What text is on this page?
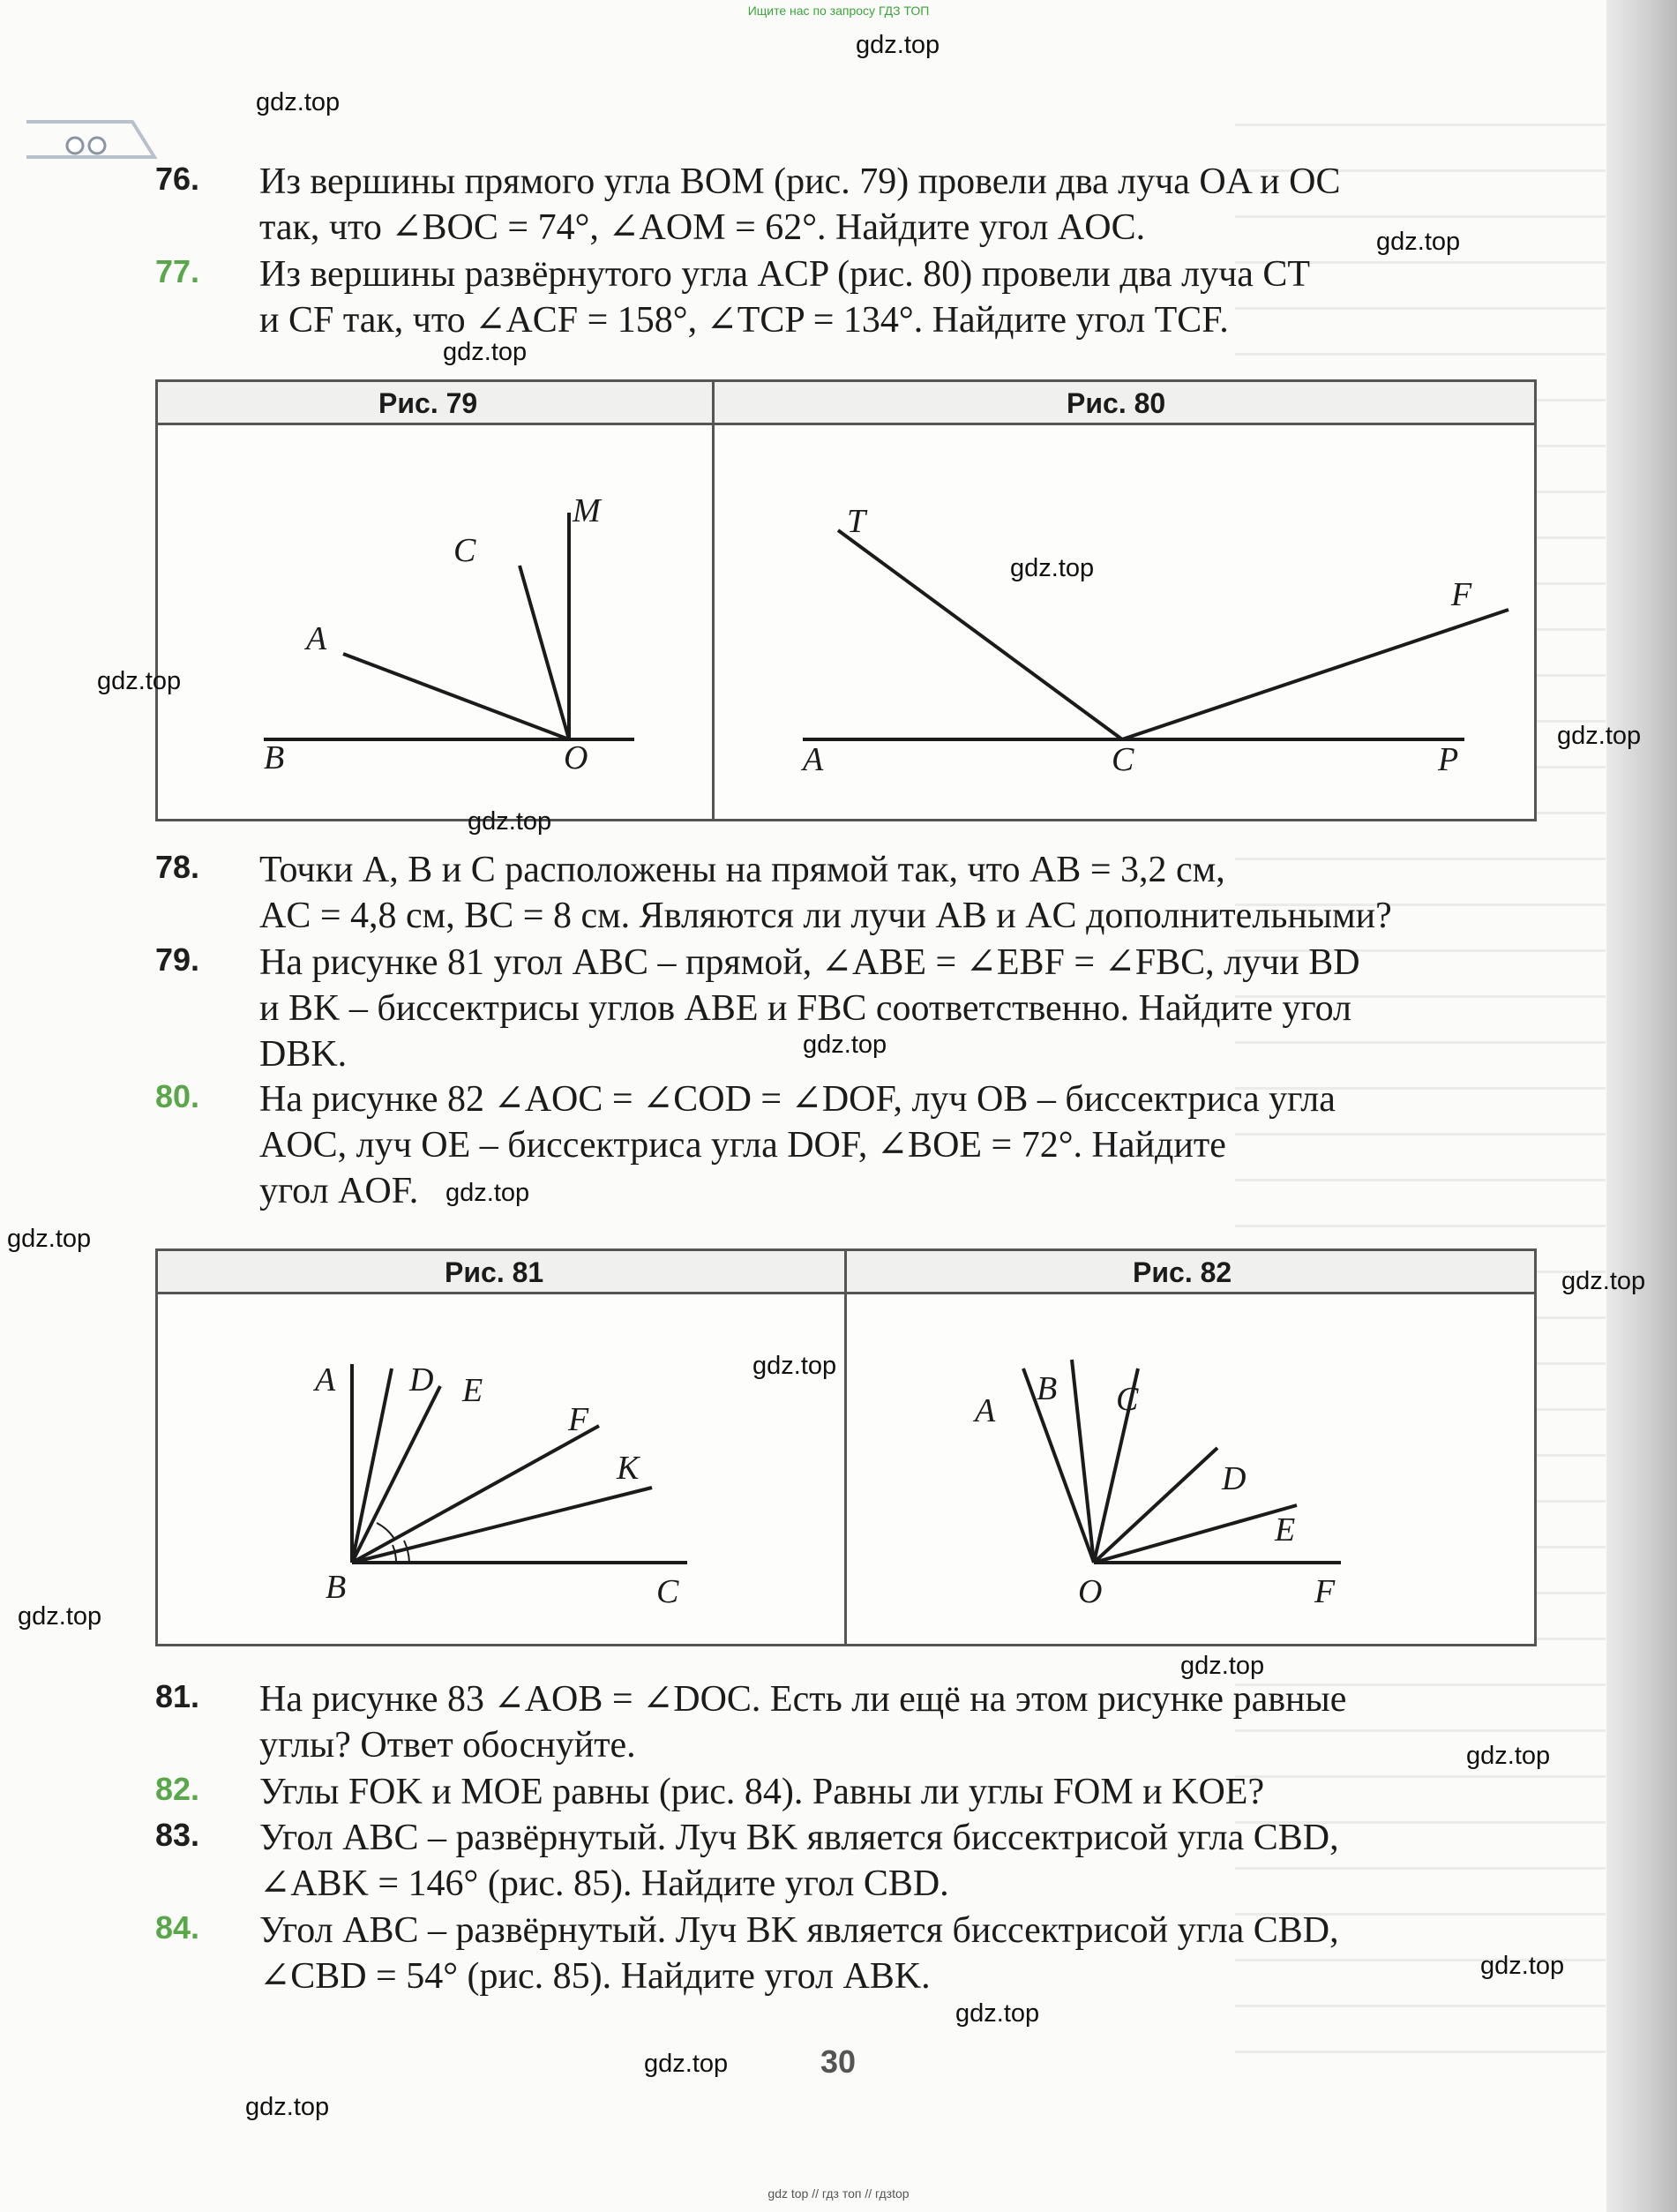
Ищите нас по запросу ГДЗ ТОП
76.	Из вершины прямого угла BOM (рис. 79) провели два луча OA и OC

так, что ∠BOC = 74°, ∠AOM = 62°. Найдите угол AOC.

77.	Из вершины развёрнутого угла ACP (рис. 80) провели два луча CT

и CF так, что ∠ACF = 158°, ∠TCP = 134°. Найдите угол TCF.

Рис. 79	Рис. 80
B	O
A
C
M	T
F
A	C	P
78.	Точки A, B и C расположены на прямой так, что AB = 3,2 см,

AC = 4,8 см, BC = 8 см. Являются ли лучи AB и AC дополнительными?

79.	На рисунке 81 угол ABC – прямой, ∠ABE = ∠EBF = ∠FBC, лучи BD

и BK – биссектрисы углов ABE и FBC соответственно. Найдите угол

DBK.

80.	На рисунке 82 ∠AOC = ∠COD = ∠DOF, луч OB – биссектриса угла

AOC, луч OE – биссектриса угла DOF, ∠BOE = 72°. Найдите

угол AOF.

Рис. 81	Рис. 82
A D E
F
K
B	C
A
B C
D
E
O	F
81.	На рисунке 83 ∠AOB = ∠DOC. Есть ли ещё на этом рисунке равные

углы? Ответ обоснуйте.

82.	Углы FOK и MOE равны (рис. 84). Равны ли углы FOM и KOE?

83.	Угол ABC – развёрнутый. Луч BK является биссектрисой угла CBD,

∠ABK = 146° (рис. 85). Найдите угол CBD.

84.	Угол ABC – развёрнутый. Луч BK является биссектрисой угла CBD,

∠CBD = 54° (рис. 85). Найдите угол ABK.

gdz.top
gdz.top
gdz.top
gdz.top
gdz.top
gdz.top
gdz.top
gdz.top
gdz.top
gdz.top
gdz.top
gdz.top
gdz.top
gdz.top
gdz.top
gdz.top
gdz.top
gdz.top
gdz.top
gdz.top
30
gdz top // гдз топ // гдзtop
